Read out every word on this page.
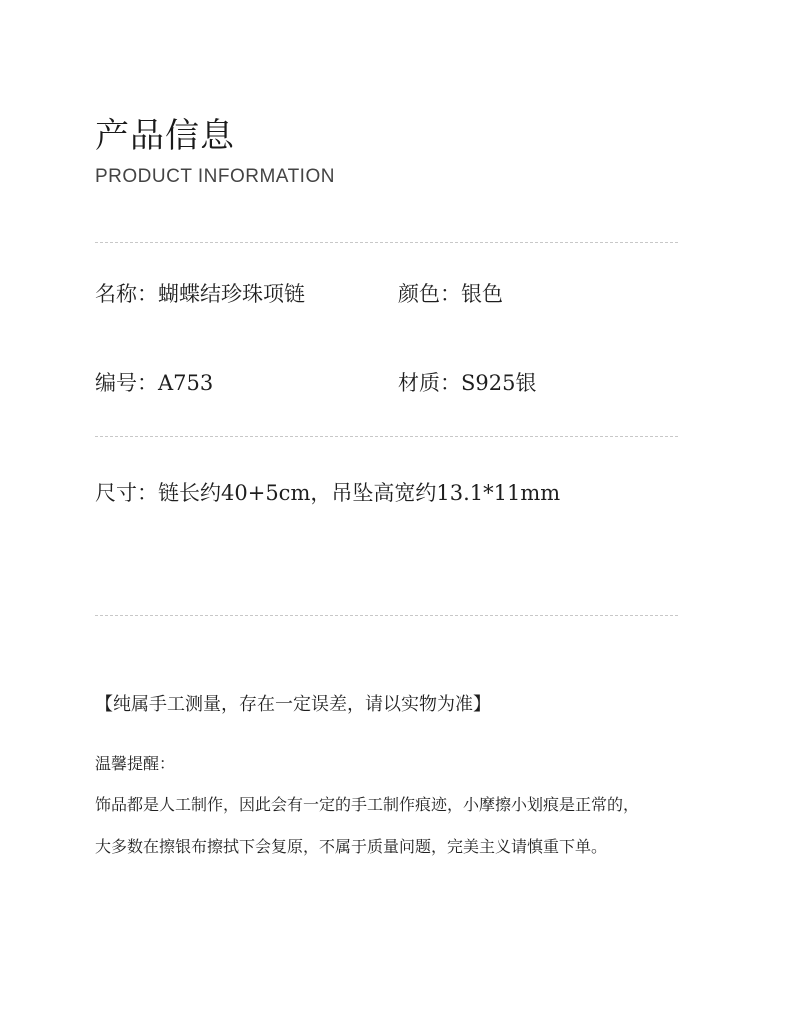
产品信息
PRODUCT INFORMATION
名称：蝴蝶结珍珠项链	颜色：银色
编号：A753	材质：S925银
尺寸：链长约40+5cm，吊坠高宽约13.1*11mm
【纯属手工测量，存在一定误差，请以实物为准】
温馨提醒：
饰品都是人工制作，因此会有一定的手工制作痕迹，小摩擦小划痕是正常的，
大多数在擦银布擦拭下会复原，不属于质量问题，完美主义请慎重下单。
